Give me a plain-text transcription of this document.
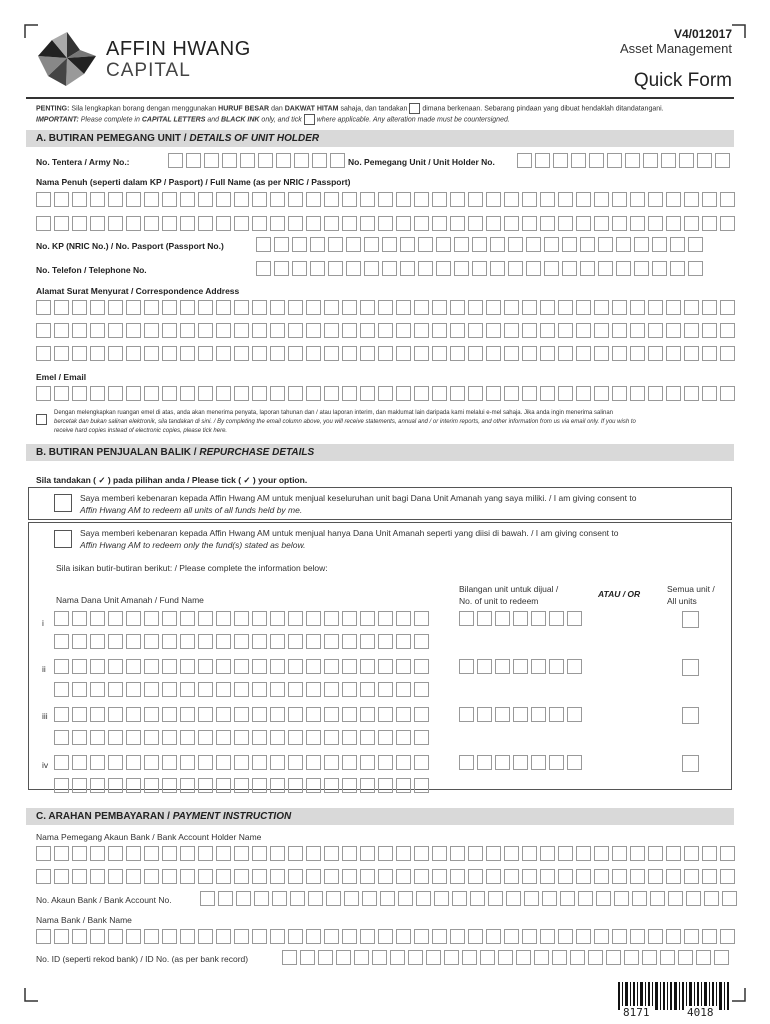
AFFIN HWANG
CAPITAL
V4/012017
Asset Management
Quick Form
PENTING: Sila lengkapkan borang dengan menggunakan HURUF BESAR dan DAKWAT HITAM sahaja, dan tandakan dimana berkenaan. Sebarang pindaan yang dibuat hendaklah ditandatangani.
IMPORTANT: Please complete in CAPITAL LETTERS and BLACK INK only, and tick where applicable. Any alteration made must be countersigned.
A. BUTIRAN PEMEGANG UNIT / DETAILS OF UNIT HOLDER
No. Tentera / Army No.:	No. Pemegang Unit / Unit Holder No.
Nama Penuh (seperti dalam KP / Pasport) / Full Name (as per NRIC / Passport)
No. KP (NRIC No.) / No. Pasport (Passport No.)
No. Telefon / Telephone No.
Alamat Surat Menyurat / Correspondence Address
Emel / Email
Dengan melengkapkan ruangan emel di atas, anda akan menerima penyata, laporan tahunan dan / atau laporan interim, dan maklumat lain daripada kami melalui e-mel sahaja. Jika anda ingin menerima salinan
bercetak dan bukan salinan elektronik, sila tandakan di sini. / By completing the email column above, you will receive statements, annual and / or interim reports, and other information from us via email only. If you wish to
receive hard copies instead of electronic copies, please tick here.
B. BUTIRAN PENJUALAN BALIK / REPURCHASE DETAILS
Sila tandakan ( ✓ ) pada pilihan anda / Please tick ( ✓ ) your option.
Saya memberi kebenaran kepada Affin Hwang AM untuk menjual keseluruhan unit bagi Dana Unit Amanah yang saya miliki. / I am giving consent to
Affin Hwang AM to redeem all units of all funds held by me.
Saya memberi kebenaran kepada Affin Hwang AM untuk menjual hanya Dana Unit Amanah seperti yang diisi di bawah. / I am giving consent to
Affin Hwang AM to redeem only the fund(s) stated as below.
Sila isikan butir-butiran berikut: / Please complete the information below:
Nama Dana Unit Amanah / Fund Name
Bilangan unit untuk dijual /
No. of unit to redeem
ATAU / OR	Semua unit /
All units
i
ii
iii
iv
C. ARAHAN PEMBAYARAN / PAYMENT INSTRUCTION
Nama Pemegang Akaun Bank / Bank Account Holder Name
No. Akaun Bank / Bank Account No.
Nama Bank / Bank Name
No. ID (seperti rekod bank) / ID No. (as per bank record)
8171	4018
